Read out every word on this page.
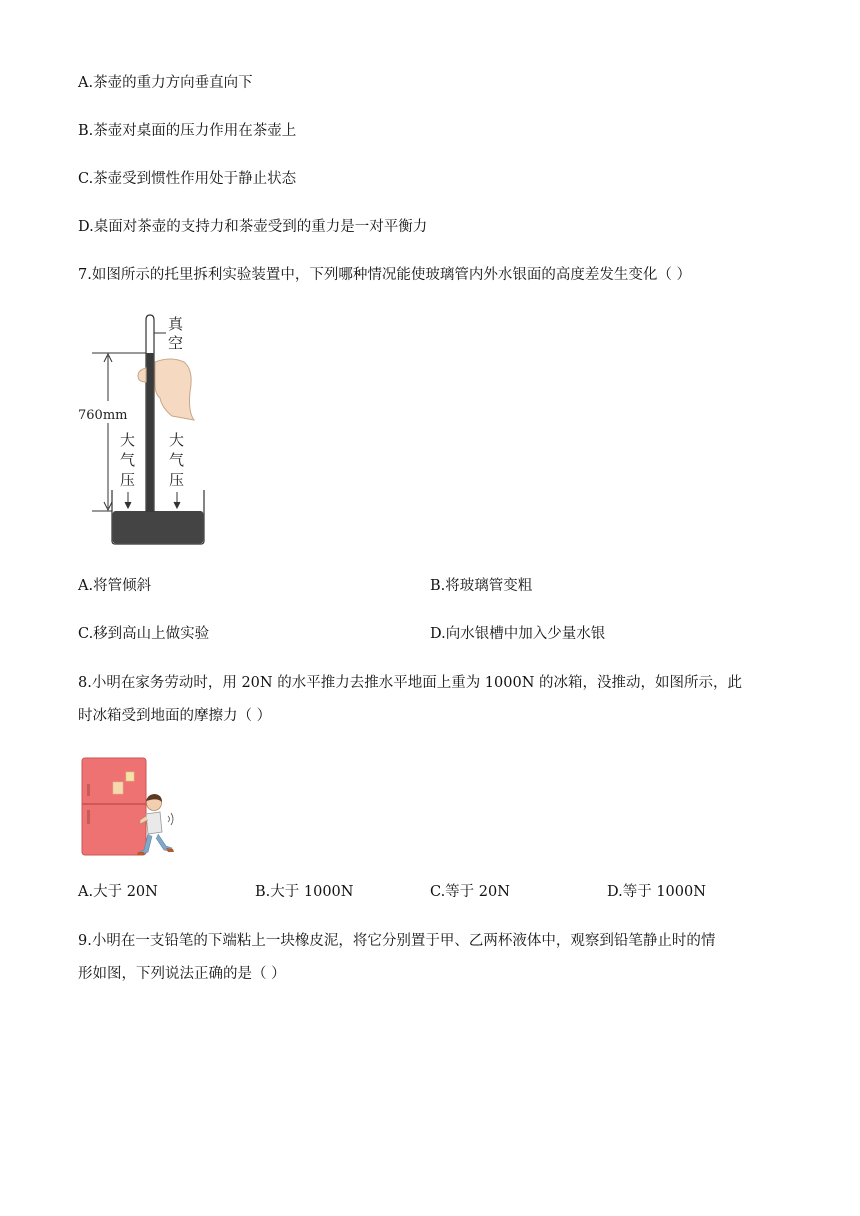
A.茶壶的重力方向垂直向下
B.茶壶对桌面的压力作用在茶壶上
C.茶壶受到惯性作用处于静止状态
D.桌面对茶壶的支持力和茶壶受到的重力是一对平衡力
7.如图所示的托里拆利实验装置中，下列哪种情况能使玻璃管内外水银面的高度差发生变化（ ）
真
空
760mm
大
气
压
大
气
压
A.将管倾斜	B.将玻璃管变粗
C.移到高山上做实验	D.向水银槽中加入少量水银
8.小明在家务劳动时，用 20N 的水平推力去推水平地面上重为 1000N 的冰箱，没推动，如图所示，此
时冰箱受到地面的摩擦力（ ）
A.大于 20N	B.大于 1000N	C.等于 20N	D.等于 1000N
9.小明在一支铅笔的下端粘上一块橡皮泥，将它分别置于甲、乙两杯液体中，观察到铅笔静止时的情
形如图，下列说法正确的是（ ）
